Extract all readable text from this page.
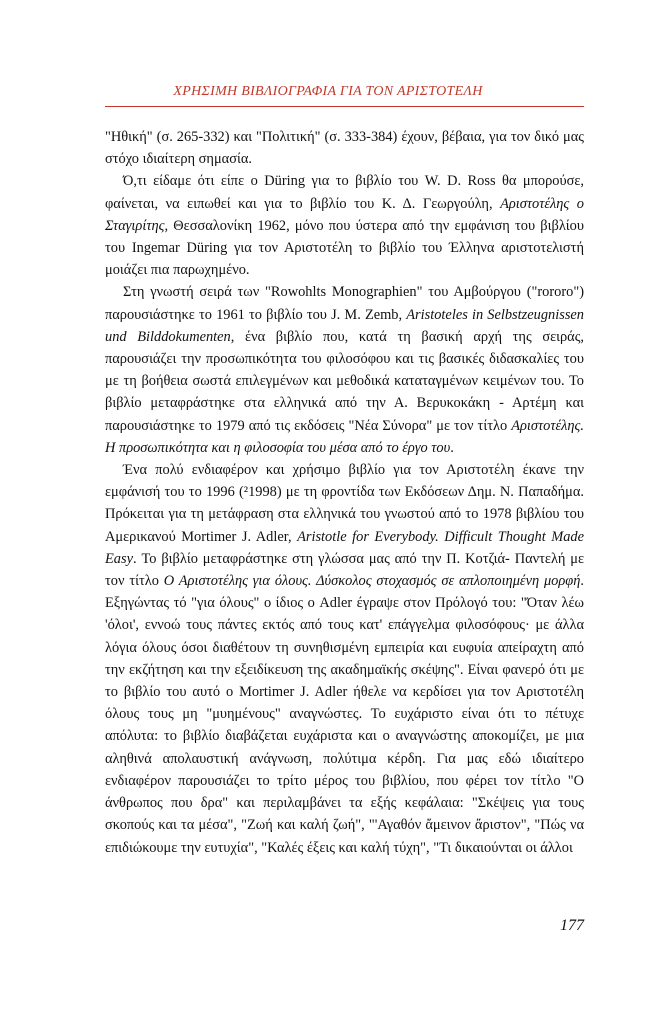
ΧΡΗΣΙΜΗ ΒΙΒΛΙΟΓΡΑΦΙΑ ΓΙΑ ΤΟΝ ΑΡΙΣΤΟΤΕΛΗ

"Ηθική" (σ. 265-332) και "Πολιτική" (σ. 333-384) έχουν, βέβαια, για τον δικό μας στόχο ιδιαίτερη σημασία.

Ό,τι είδαμε ότι είπε ο Düring για το βιβλίο του W. D. Ross θα μπορούσε, φαίνεται, να ειπωθεί και για το βιβλίο του Κ. Δ. Γεωργούλη, Αριστοτέλης ο Σταγιρίτης, Θεσσαλονίκη 1962, μόνο που ύστερα από την εμφάνιση του βιβλίου του Ingemar Düring για τον Αριστοτέλη το βιβλίο του Έλληνα αριστοτελιστή μοιάζει πια παρωχημένο.

Στη γνωστή σειρά των "Rowohlts Monographien" του Αμβούργου ("rororo") παρουσιάστηκε το 1961 το βιβλίο του J. M. Zemb, Aristoteles in Selbstzeugnissen und Bilddokumenten, ένα βιβλίο που, κατά τη βασική αρχή της σειράς, παρουσιάζει την προσωπικότητα του φιλοσόφου και τις βασικές διδασκαλίες του με τη βοήθεια σωστά επιλεγμένων και μεθοδικά καταταγμένων κειμένων του. Το βιβλίο μεταφράστηκε στα ελληνικά από την Α. Βερυκοκάκη - Αρτέμη και παρουσιάστηκε το 1979 από τις εκδόσεις "Νέα Σύνορα" με τον τίτλο Αριστοτέλης. Η προσωπικότητα και η φιλοσοφία του μέσα από το έργο του.

Ένα πολύ ενδιαφέρον και χρήσιμο βιβλίο για τον Αριστοτέλη έκανε την εμφάνισή του το 1996 (²1998) με τη φροντίδα των Εκδόσεων Δημ. Ν. Παπαδήμα. Πρόκειται για τη μετάφραση στα ελληνικά του γνωστού από το 1978 βιβλίου του Αμερικανού Mortimer J. Adler, Aristotle for Everybody. Difficult Thought Made Easy. Το βιβλίο μεταφράστηκε στη γλώσσα μας από την Π. Κοτζιά- Παντελή με τον τίτλο Ο Αριστοτέλης για όλους. Δύσκολος στοχασμός σε απλοποιημένη μορφή. Εξηγώντας τό "για όλους" ο ίδιος ο Adler έγραψε στον Πρόλογό του: "Όταν λέω 'όλοι', εννοώ τους πάντες εκτός από τους κατ' επάγγελμα φιλοσόφους· με άλλα λόγια όλους όσοι διαθέτουν τη συνηθισμένη εμπειρία και ευφυία απείραχτη από την εκζήτηση και την εξειδίκευση της ακαδημαϊκής σκέψης". Είναι φανερό ότι με το βιβλίο του αυτό ο Mortimer J. Adler ήθελε να κερδίσει για τον Αριστοτέλη όλους τους μη "μυημένους" αναγνώστες. Το ευχάριστο είναι ότι το πέτυχε απόλυτα: το βιβλίο διαβάζεται ευχάριστα και ο αναγνώστης αποκομίζει, με μια αληθινά απολαυστική ανάγνωση, πολύτιμα κέρδη. Για μας εδώ ιδιαίτερο ενδιαφέρον παρουσιάζει το τρίτο μέρος του βιβλίου, που φέρει τον τίτλο "Ο άνθρωπος που δρα" και περιλαμβάνει τα εξής κεφάλαια: "Σκέψεις για τους σκοπούς και τα μέσα", "Ζωή και καλή ζωή", "'Αγαθόν ἄμεινον ἄριστον", "Πώς να επιδιώκουμε την ευτυχία", "Καλές έξεις και καλή τύχη", "Τι δικαιούνται οι άλλοι

177
